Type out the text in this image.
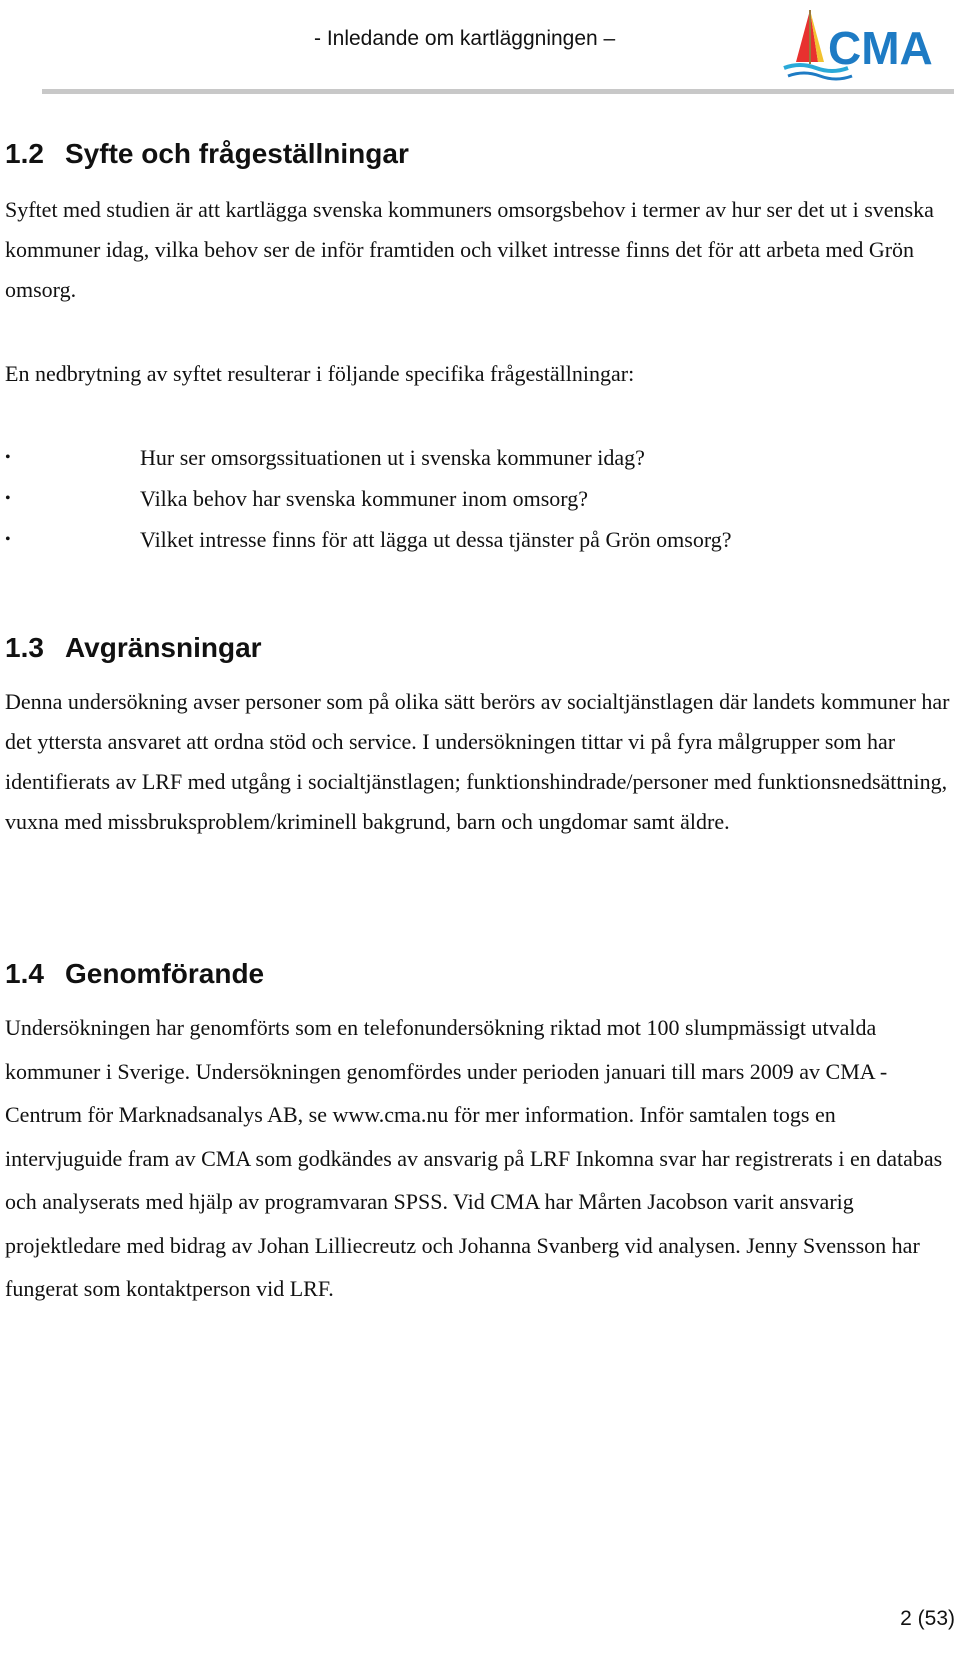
- Inledande om kartläggningen –	CMA
1.2 Syfte och frågeställningar

Syftet med studien är att kartlägga svenska kommuners omsorgsbehov i termer av hur ser det ut i svenska kommuner idag, vilka behov ser de inför framtiden och vilket intresse finns det för att arbeta med Grön omsorg.

En nedbrytning av syftet resulterar i följande specifika frågeställningar:

•	Hur ser omsorgssituationen ut i svenska kommuner idag?
•	Vilka behov har svenska kommuner inom omsorg?
•	Vilket intresse finns för att lägga ut dessa tjänster på Grön omsorg?
1.3 Avgränsningar

Denna undersökning avser personer som på olika sätt berörs av socialtjänstlagen där landets kommuner har det yttersta ansvaret att ordna stöd och service. I undersökningen tittar vi på fyra målgrupper som har identifierats av LRF med utgång i socialtjänstlagen; funktionshindrade/personer med funktionsnedsättning, vuxna med missbruksproblem/kriminell bakgrund, barn och ungdomar samt äldre.

1.4 Genomförande

Undersökningen har genomförts som en telefonundersökning riktad mot 100 slumpmässigt utvalda kommuner i Sverige. Undersökningen genomfördes under perioden januari till mars 2009 av CMA - Centrum för Marknadsanalys AB, se www.cma.nu för mer information. Inför samtalen togs en intervjuguide fram av CMA som godkändes av ansvarig på LRF Inkomna svar har registrerats i en databas och analyserats med hjälp av programvaran SPSS. Vid CMA har Mårten Jacobson varit ansvarig projektledare med bidrag av Johan Lilliecreutz och Johanna Svanberg vid analysen. Jenny Svensson har fungerat som kontaktperson vid LRF.

2 (53)
